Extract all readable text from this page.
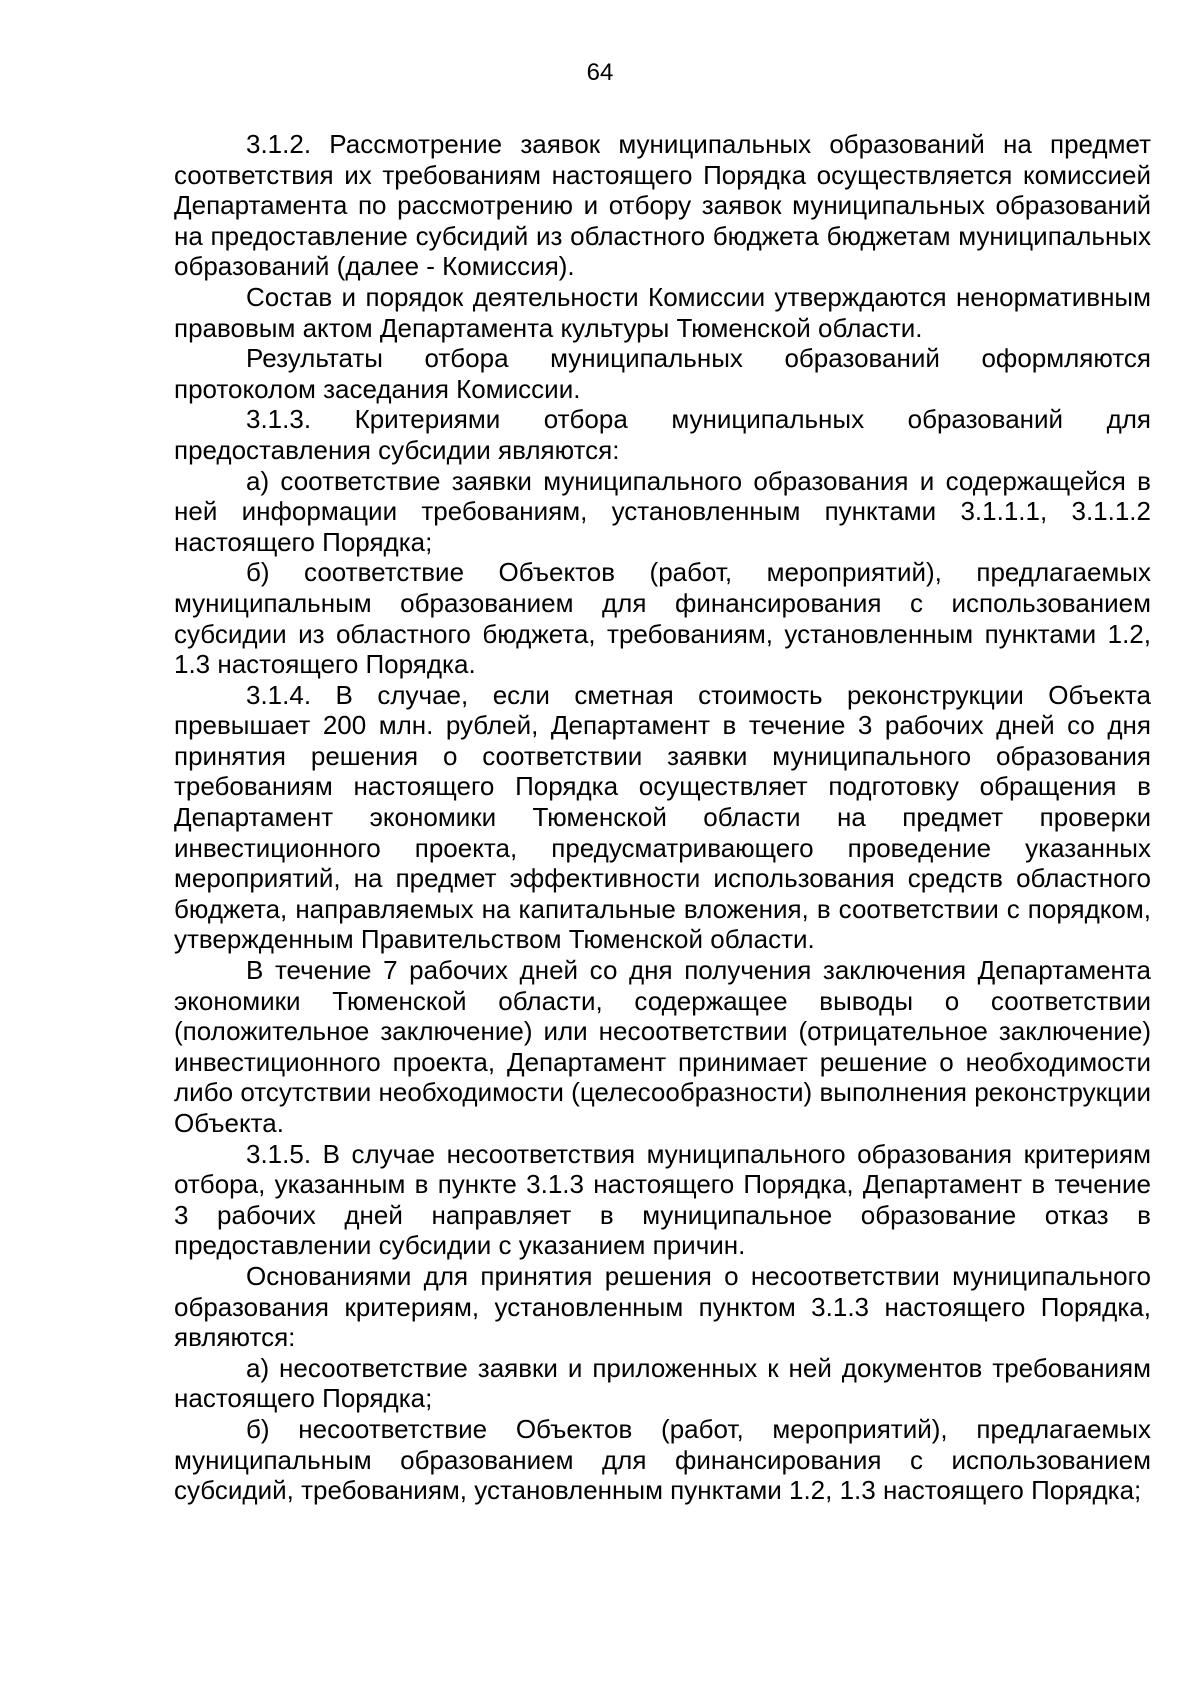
64

3.1.2. Рассмотрение заявок муниципальных образований на предмет соответствия их требованиям настоящего Порядка осуществляется комиссией Департамента по рассмотрению и отбору заявок муниципальных образований на предоставление субсидий из областного бюджета бюджетам муниципальных образований (далее - Комиссия).

Состав и порядок деятельности Комиссии утверждаются ненормативным правовым актом Департамента культуры Тюменской области.

Результаты отбора муниципальных образований оформляются протоколом заседания Комиссии.

3.1.3. Критериями отбора муниципальных образований для предоставления субсидии являются:

а) соответствие заявки муниципального образования и содержащейся в ней информации требованиям, установленным пунктами 3.1.1.1, 3.1.1.2 настоящего Порядка;

б) соответствие Объектов (работ, мероприятий), предлагаемых муниципальным образованием для финансирования с использованием субсидии из областного бюджета, требованиям, установленным пунктами 1.2, 1.3 настоящего Порядка.

3.1.4. В случае, если сметная стоимость реконструкции Объекта превышает 200 млн. рублей, Департамент в течение 3 рабочих дней со дня принятия решения о соответствии заявки муниципального образования требованиям настоящего Порядка осуществляет подготовку обращения в Департамент экономики Тюменской области на предмет проверки инвестиционного проекта, предусматривающего проведение указанных мероприятий, на предмет эффективности использования средств областного бюджета, направляемых на капитальные вложения, в соответствии с порядком, утвержденным Правительством Тюменской области.

В течение 7 рабочих дней со дня получения заключения Департамента экономики Тюменской области, содержащее выводы о соответствии (положительное заключение) или несоответствии (отрицательное заключение) инвестиционного проекта, Департамент принимает решение о необходимости либо отсутствии необходимости (целесообразности) выполнения реконструкции Объекта.

3.1.5. В случае несоответствия муниципального образования критериям отбора, указанным в пункте 3.1.3 настоящего Порядка, Департамент в течение 3 рабочих дней направляет в муниципальное образование отказ в предоставлении субсидии с указанием причин.

Основаниями для принятия решения о несоответствии муниципального образования критериям, установленным пунктом 3.1.3 настоящего Порядка, являются:

а) несоответствие заявки и приложенных к ней документов требованиям настоящего Порядка;

б) несоответствие Объектов (работ, мероприятий), предлагаемых муниципальным образованием для финансирования с использованием субсидий, требованиям, установленным пунктами 1.2, 1.3 настоящего Порядка;
